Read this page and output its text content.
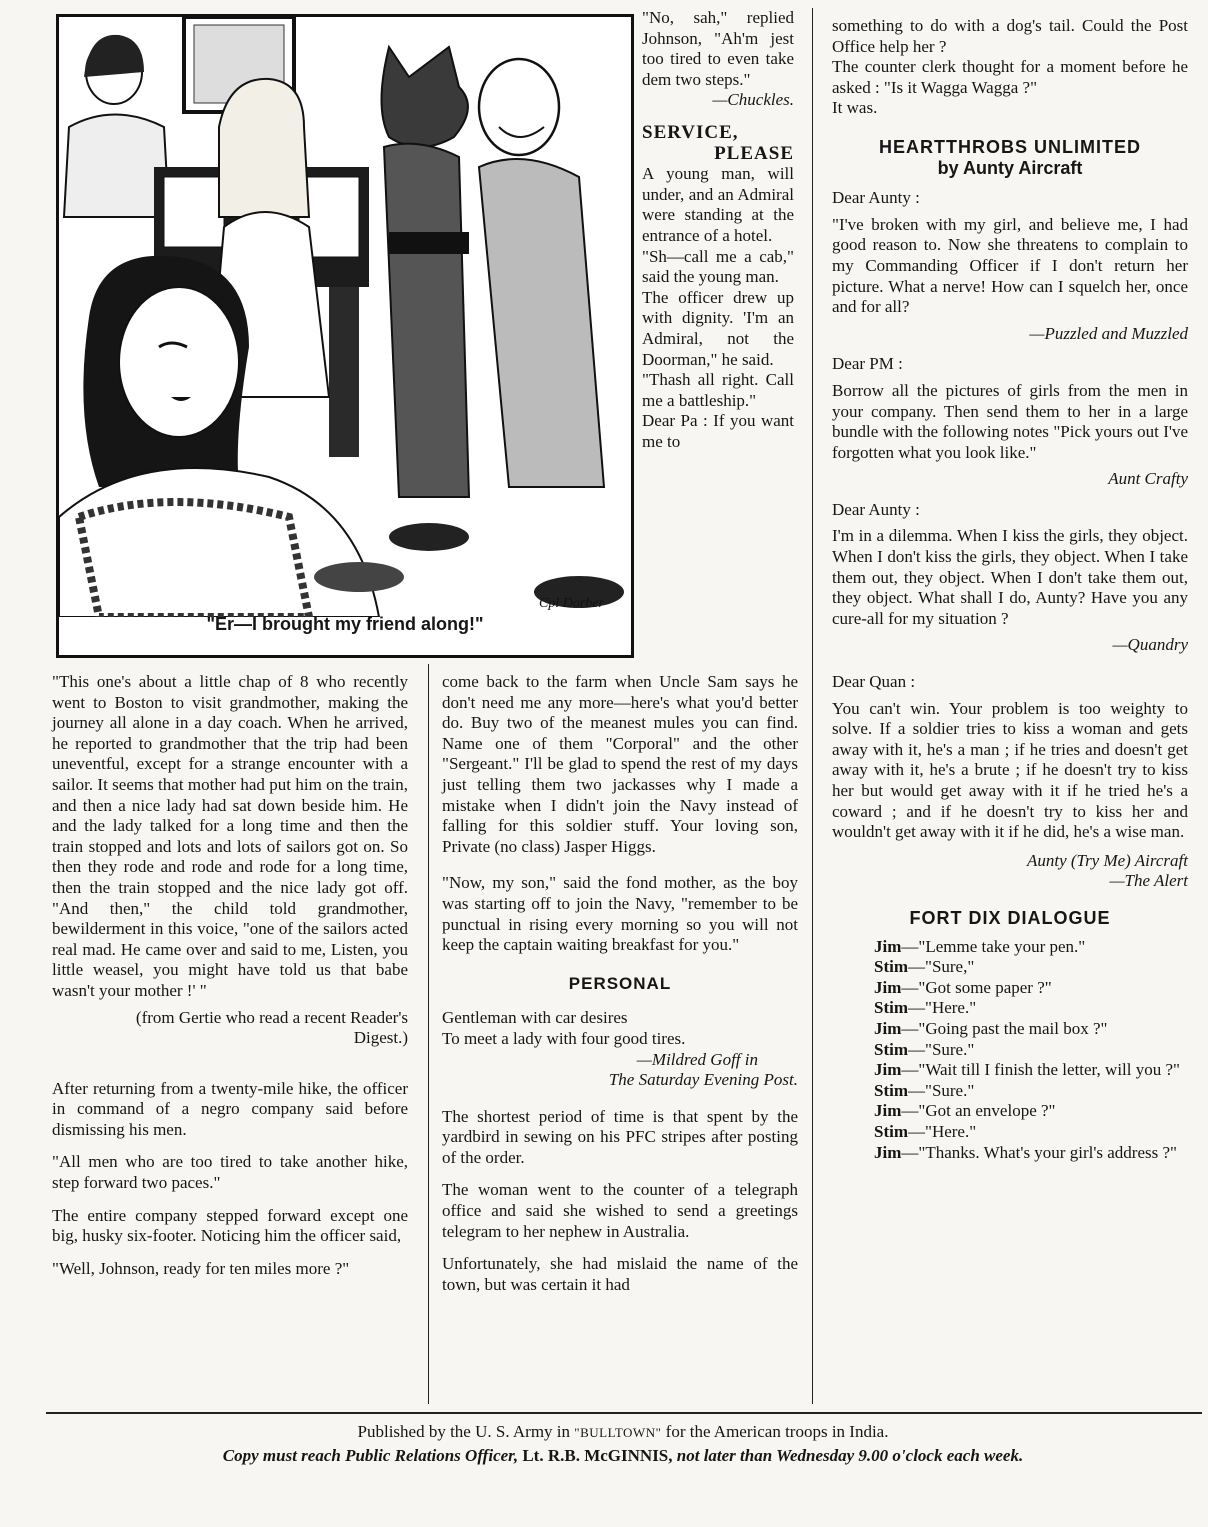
Cpl Dorber
"Er—I brought my friend along!"

"No, sah," replied Johnson, "Ah'm jest too tired to even take dem two steps."

—Chuckles.

SERVICE,

PLEASE

A young man, will under, and an Admiral were standing at the entrance of a hotel.

"Sh—call me a cab," said the young man.

The officer drew up with dignity. 'I'm an Admiral, not the Doorman," he said.

"Thash all right. Call me a battleship."

Dear Pa : If you want me to

"This one's about a little chap of 8 who recently went to Boston to visit grandmother, making the journey all alone in a day coach. When he arrived, he reported to grandmother that the trip had been uneventful, except for a strange encounter with a sailor. It seems that mother had put him on the train, and then a nice lady had sat down beside him. He and the lady talked for a long time and then the train stopped and lots and lots of sailors got on. So then they rode and rode and rode for a long time, then the train stopped and the nice lady got off. "And then," the child told grandmother, bewilderment in this voice, "one of the sailors acted real mad. He came over and said to me, Listen, you little weasel, you might have told us that babe wasn't your mother !' "

(from Gertie who read a recent Reader's Digest.)

After returning from a twenty-mile hike, the officer in command of a negro company said before dismissing his men.

"All men who are too tired to take another hike, step forward two paces."

The entire company stepped forward except one big, husky six-footer. Noticing him the officer said,

"Well, Johnson, ready for ten miles more ?"

come back to the farm when Uncle Sam says he don't need me any more—here's what you'd better do. Buy two of the meanest mules you can find. Name one of them "Corporal" and the other "Sergeant." I'll be glad to spend the rest of my days just telling them two jackasses why I made a mistake when I didn't join the Navy instead of falling for this soldier stuff. Your loving son, Private (no class) Jasper Higgs.

"Now, my son," said the fond mother, as the boy was starting off to join the Navy, "remember to be punctual in rising every morning so you will not keep the captain waiting breakfast for you."

PERSONAL

Gentleman with car desires

To meet a lady with four good tires.

—Mildred Goff in

The Saturday Evening Post.

The shortest period of time is that spent by the yardbird in sewing on his PFC stripes after posting of the order.

The woman went to the counter of a telegraph office and said she wished to send a greetings telegram to her nephew in Australia.

Unfortunately, she had mislaid the name of the town, but was certain it had

something to do with a dog's tail. Could the Post Office help her ?

The counter clerk thought for a moment before he asked : "Is it Wagga Wagga ?"

It was.

HEARTTHROBS UNLIMITED

by Aunty Aircraft

Dear Aunty :

"I've broken with my girl, and believe me, I had good reason to. Now she threatens to complain to my Commanding Officer if I don't return her picture. What a nerve! How can I squelch her, once and for all?

—Puzzled and Muzzled

Dear PM :

Borrow all the pictures of girls from the men in your company. Then send them to her in a large bundle with the following notes "Pick yours out I've forgotten what you look like."

Aunt Crafty

Dear Aunty :

I'm in a dilemma. When I kiss the girls, they object. When I don't kiss the girls, they object. When I take them out, they object. When I don't take them out, they object. What shall I do, Aunty? Have you any cure-all for my situation ?

—Quandry

Dear Quan :

You can't win. Your problem is too weighty to solve. If a soldier tries to kiss a woman and gets away with it, he's a man ; if he tries and doesn't get away with it, he's a brute ; if he doesn't try to kiss her but would get away with it if he tried he's a coward ; and if he doesn't try to kiss her and wouldn't get away with it if he did, he's a wise man.

Aunty (Try Me) Aircraft

—The Alert

FORT DIX DIALOGUE

Jim—"Lemme take your pen."

Stim—"Sure,"

Jim—"Got some paper ?"

Stim—"Here."

Jim—"Going past the mail box ?"

Stim—"Sure."

Jim—"Wait till I finish the letter, will you ?"

Stim—"Sure."

Jim—"Got an envelope ?"

Stim—"Here."

Jim—"Thanks. What's your girl's address ?"

Published by the U. S. Army in "BULLTOWN" for the American troops in India.
Copy must reach Public Relations Officer, Lt. R.B. McGINNIS, not later than Wednesday 9.00 o'clock each week.
